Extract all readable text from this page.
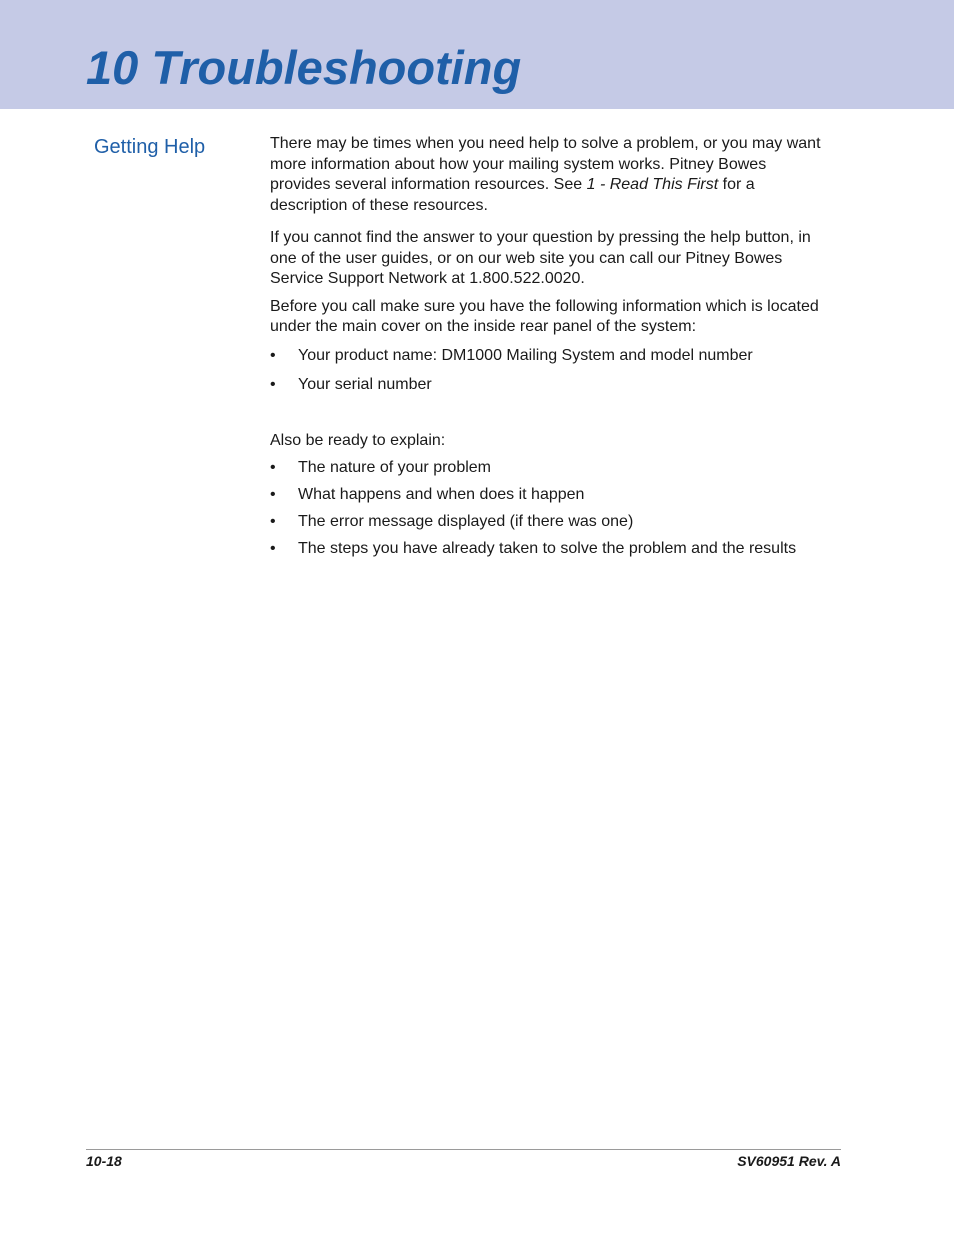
10 Troubleshooting
Getting Help	There may be times when you need help to solve a problem, or you may want more information about how your mailing system works. Pitney Bowes provides several information resources. See 1 - Read This First for a description of these resources.

If you cannot find the answer to your question by pressing the help button, in one of the user guides, or on our web site you can call our Pitney Bowes Service Support Network at 1.800.522.0020.

Before you call make sure you have the following information which is located under the main cover on the inside rear panel of the system:

• Your product name: DM1000 Mailing System and model number
• Your serial number

Also be ready to explain:

• The nature of your problem
• What happens and when does it happen
• The error message displayed (if there was one)
• The steps you have already taken to solve the problem and the results
10-18	SV60951 Rev. A
